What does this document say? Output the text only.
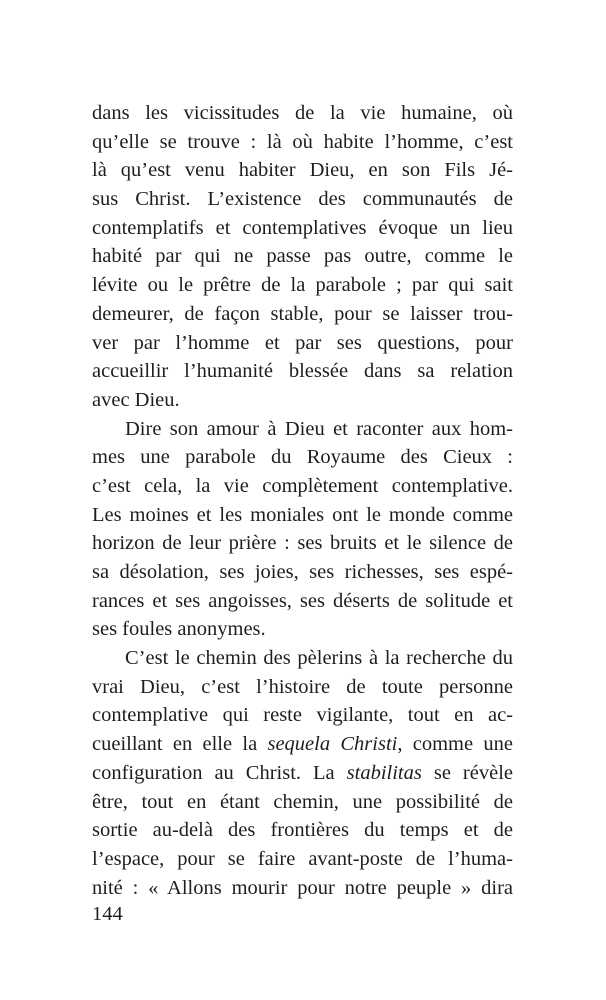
dans les vicissitudes de la vie humaine, où
qu’elle se trouve : là où habite l’homme, c’est
là qu’est venu habiter Dieu, en son Fils Jé-
sus Christ. L’existence des communautés de
contemplatifs et contemplatives évoque un lieu
habité par qui ne passe pas outre, comme le
lévite ou le prêtre de la parabole ; par qui sait
demeurer, de façon stable, pour se laisser trou-
ver par l’homme et par ses questions, pour
accueillir l’humanité blessée dans sa relation
avec Dieu.
Dire son amour à Dieu et raconter aux hom-
mes une parabole du Royaume des Cieux :
c’est cela, la vie complètement contemplative.
Les moines et les moniales ont le monde comme
horizon de leur prière : ses bruits et le silence de
sa désolation, ses joies, ses richesses, ses espé-
rances et ses angoisses, ses déserts de solitude et
ses foules anonymes.
C’est le chemin des pèlerins à la recherche du
vrai Dieu, c’est l’histoire de toute personne
contemplative qui reste vigilante, tout en ac-
cueillant en elle la sequela Christi, comme une
configuration au Christ. La stabilitas se révèle
être, tout en étant chemin, une possibilité de
sortie au-delà des frontières du temps et de
l’espace, pour se faire avant-poste de l’huma-
nité : « Allons mourir pour notre peuple » dira
144
